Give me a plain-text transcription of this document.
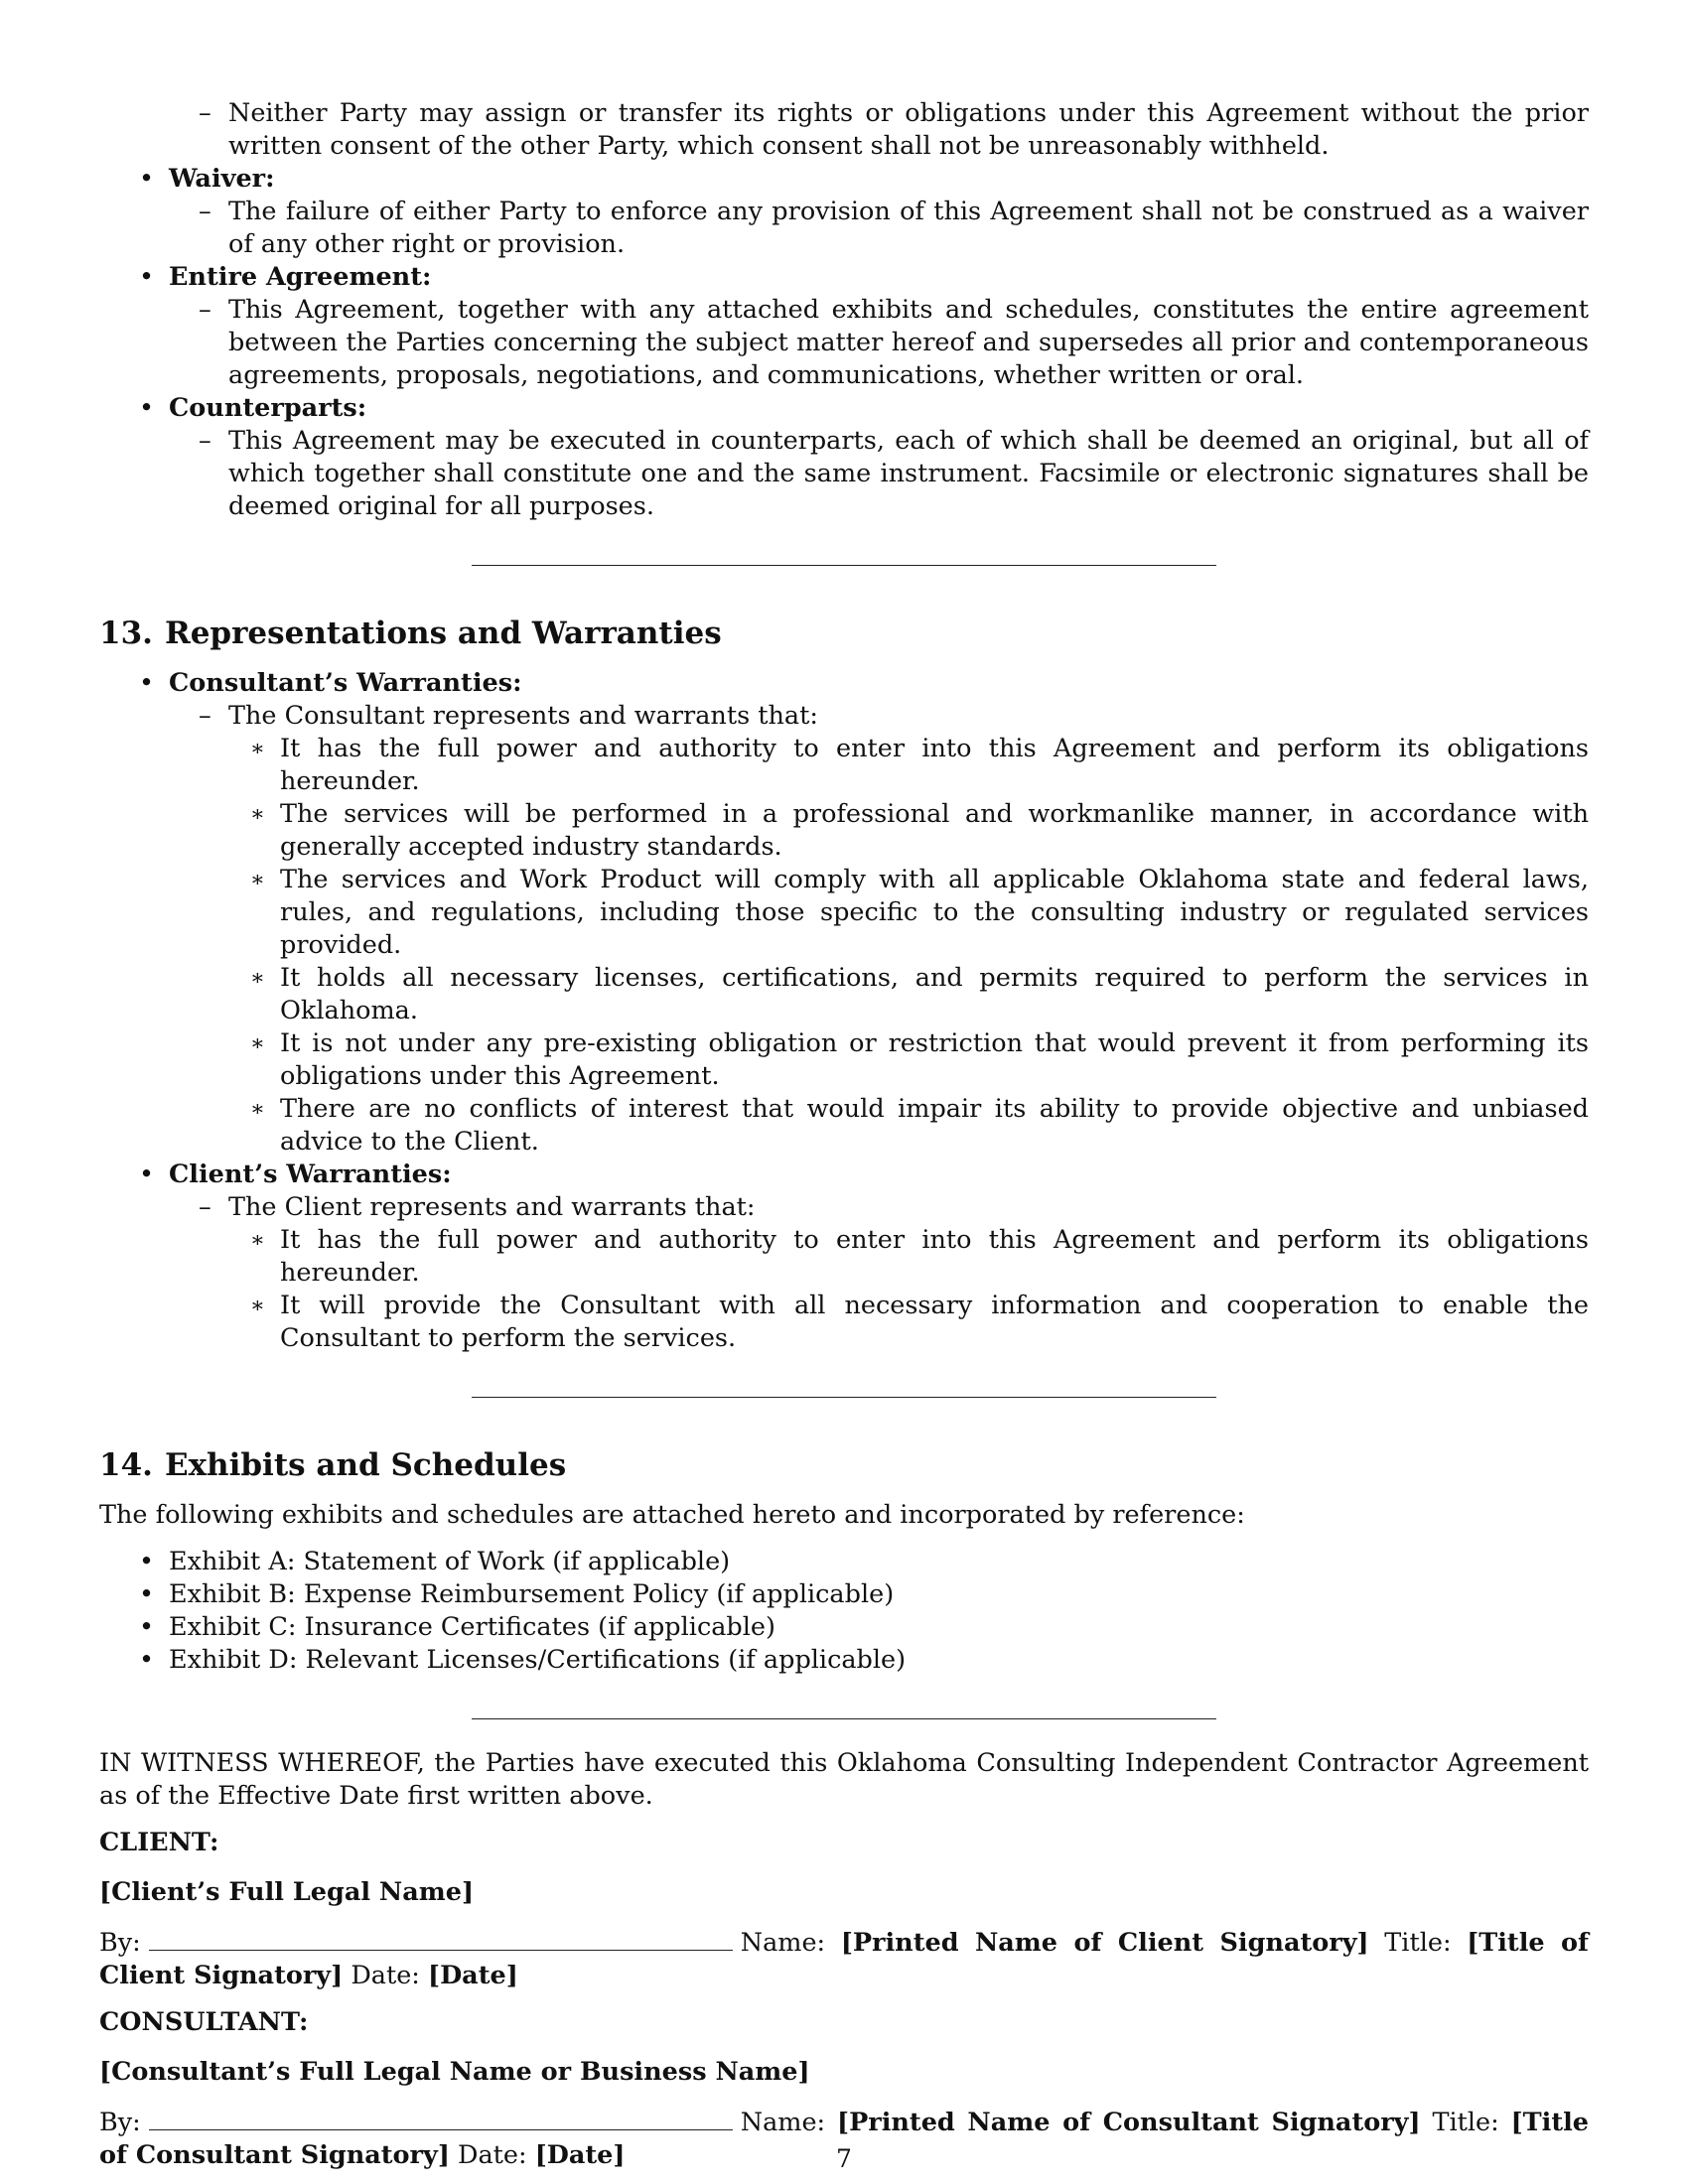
– Neither Party may assign or transfer its rights or obligations under this Agreement without the prior written consent of the other Party, which consent shall not be unreasonably withheld.
• Waiver:
– The failure of either Party to enforce any provision of this Agreement shall not be construed as a waiver of any other right or provision.
• Entire Agreement:
– This Agreement, together with any attached exhibits and schedules, constitutes the entire agreement between the Parties concerning the subject matter hereof and supersedes all prior and contemporaneous agreements, proposals, negotiations, and communications, whether written or oral.
• Counterparts:
– This Agreement may be executed in counterparts, each of which shall be deemed an original, but all of which together shall constitute one and the same instrument. Facsimile or electronic signatures shall be deemed original for all purposes.
13. Representations and Warranties
• Consultant’s Warranties:
– The Consultant represents and warrants that:
∗ It has the full power and authority to enter into this Agreement and perform its obligations hereunder.
∗ The services will be performed in a professional and workmanlike manner, in accordance with generally accepted industry standards.
∗ The services and Work Product will comply with all applicable Oklahoma state and federal laws, rules, and regulations, including those specific to the consulting industry or regulated services provided.
∗ It holds all necessary licenses, certifications, and permits required to perform the services in Oklahoma.
∗ It is not under any pre-existing obligation or restriction that would prevent it from performing its obligations under this Agreement.
∗ There are no conflicts of interest that would impair its ability to provide objective and unbiased advice to the Client.
• Client’s Warranties:
– The Client represents and warrants that:
∗ It has the full power and authority to enter into this Agreement and perform its obligations hereunder.
∗ It will provide the Consultant with all necessary information and cooperation to enable the Consultant to perform the services.
14. Exhibits and Schedules
The following exhibits and schedules are attached hereto and incorporated by reference:
• Exhibit A: Statement of Work (if applicable)
• Exhibit B: Expense Reimbursement Policy (if applicable)
• Exhibit C: Insurance Certificates (if applicable)
• Exhibit D: Relevant Licenses/Certifications (if applicable)
IN WITNESS WHEREOF, the Parties have executed this Oklahoma Consulting Independent Contractor Agreement as of the Effective Date first written above.
CLIENT:
[Client’s Full Legal Name]
By:	Name: [Printed Name of Client Signatory] Title: [Title of Client Signatory] Date: [Date]
CONSULTANT:
[Consultant’s Full Legal Name or Business Name]
By:	Name: [Printed Name of Consultant Signatory] Title: [Title of Consultant Signatory] Date: [Date]	7
